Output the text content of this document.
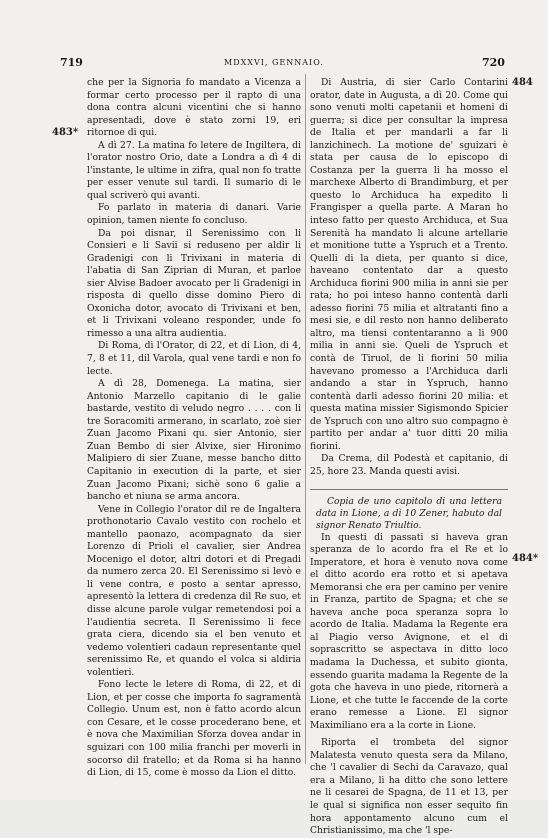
719	MDXXVI, GENNAIO.	720
483*
484
484*

che per la Signoria fo mandato a Vicenza a formar certo processo per il rapto di una dona contra alcuni vicentini che si hanno apresentadi, dove è stato zorni 19, eri ritornoe di qui.

A dì 27. La matina fo letere de Ingiltera, di l'orator nostro Orio, date a Londra a dì 4 di l'instante, le ultime in zifra, qual non fo tratte per esser venute sul tardi. Il sumario di le qual scriverò qui avanti.

Fo parlato in materia di danari. Varie opinion, tamen niente fo concluso.

Da poi disnar, il Serenissimo con li Consieri e li Savii si reduseno per aldir li Gradenigi con li Trivixani in materia di l'abatia di San Ziprian di Muran, et parloe sier Alvise Badoer avocato per li Gradenigi in risposta di quello disse domino Piero di Oxonicha dotor, avocato di Trivixani et ben, et li Trivixani voleano responder, unde fo rimesso a una altra audientia.

Di Roma, di l'Orator, di 22, et di Lion, di 4, 7, 8 et 11, dil Varola, qual vene tardi e non fo lecte.

A dì 28, Domenega. La matina, sier Antonio Marzello capitanio di le galie bastarde, vestito di veludo negro . . . . con li tre Soracomiti armerano, in scarlato, zoè sier Zuan Jacomo Pixani qu. sier Antonio, sier Zuan Bembo di sier Alvixe, sier Hironimo Malipiero di sier Zuane, messe bancho ditto Capitanio in execution di la parte, et sier Zuan Jacomo Pixani; sichè sono 6 galie a bancho et niuna se arma ancora.

Vene in Collegio l'orator dil re de Ingaltera prothonotario Cavalo vestito con rochelo et mantello paonazo, acompagnato da sier Lorenzo di Prioli el cavalier, sier Andrea Mocenigo el dotor, altri dotori et di Pregadi da numero zerca 20. El Serenissimo si levò e li vene contra, e posto a sentar apresso, apresentò la lettera di credenza dil Re suo, et disse alcune parole vulgar remetendosi poi a l'audientia secreta. Il Serenissimo li fece grata ciera, dicendo sia el ben venuto et vedemo volentieri cadaun representante quel serenissimo Re, et quando el volca si aldiria volentieri.

Fono lecte le letere di Roma, di 22, et di Lion, et per cosse che importa fo sagramentà Collegio. Unum est, non è fatto acordo alcun con Cesare, et le cosse procederano bene, et è nova che Maximilian Sforza dovea andar in sguizari con 100 milia franchi per moverli in socorso dil fratello; et da Roma si ha hanno di Lion, di 15, come è mosso da Lion el ditto.

Di Austria, di sier Carlo Contarini orator, date in Augusta, a dì 20. Come qui sono venuti molti capetanii et homeni di guerra; si dice per consultar la impresa de Italia et per mandarli a far li lanzichinech. La motione de' sguizari è stata per causa de lo episcopo di Costanza per la guerra li ha mosso el marchexe Alberto di Brandimburg, et per questo lo Archiduca ha expedito li Frangisper a quella parte. A Maran ho inteso fatto per questo Archiduca, et Sua Serenità ha mandato li alcune artellarie et monitione tutte a Yspruch et a Trento. Quelli di la dieta, per quanto si dice, haveano contentato dar a questo Archiduca fiorini 900 milia in anni sie per rata; ho poi inteso hanno contentà darli adesso fiorini 75 milia et altratanti fino a mesi sie, e dil resto non hanno deliberato altro, ma tiensi contentaranno a li 900 milia in anni sie. Queli de Yspruch et contà de Tiruol, de li fiorini 50 milia havevano promesso a l'Archiduca darli andando a star in Yspruch, hanno contentà darli adesso fiorini 20 milia: et questa matina missier Sigismondo Spicier de Yspruch con uno altro suo compagno è partito per andar a' tuor ditti 20 milia fiorini.

Da Crema, dil Podestà et capitanio, di 25, hore 23. Manda questi avisi.

Copia de uno capitolo di una lettera data in Lione, a dì 10 Zener, habuto dal signor Renato Triultio.

In questi di passati si haveva gran speranza de lo acordo fra el Re et lo Imperatore, et hora è venuto nova come el ditto acordo era rotto et si apetava Memoransi che era per camino per venire in Franza, partito de Spagna; et che se haveva anche poca speranza sopra lo acordo de Italia. Madama la Regente era al Piagio verso Avignone, et el di soprascritto se aspectava in ditto loco madama la Duchessa, et subito gionta, essendo guarita madama la Regente de la gota che haveva in uno piede, ritornerà a Lione, et che tutte le faccende de la corte erano remesse a Lione. El signor Maximiliano era a la corte in Lione.

Riporta el trombeta del signor Malatesta venuto questa sera da Milano, che 'l cavalier di Sechi da Caravazo, qual era a Milano, li ha ditto che sono lettere ne li cesarei de Spagna, de 11 et 13, per le qual si significa non esser sequito fin hora appontamento alcuno cum el Christianissimo, ma che 'l spe-
